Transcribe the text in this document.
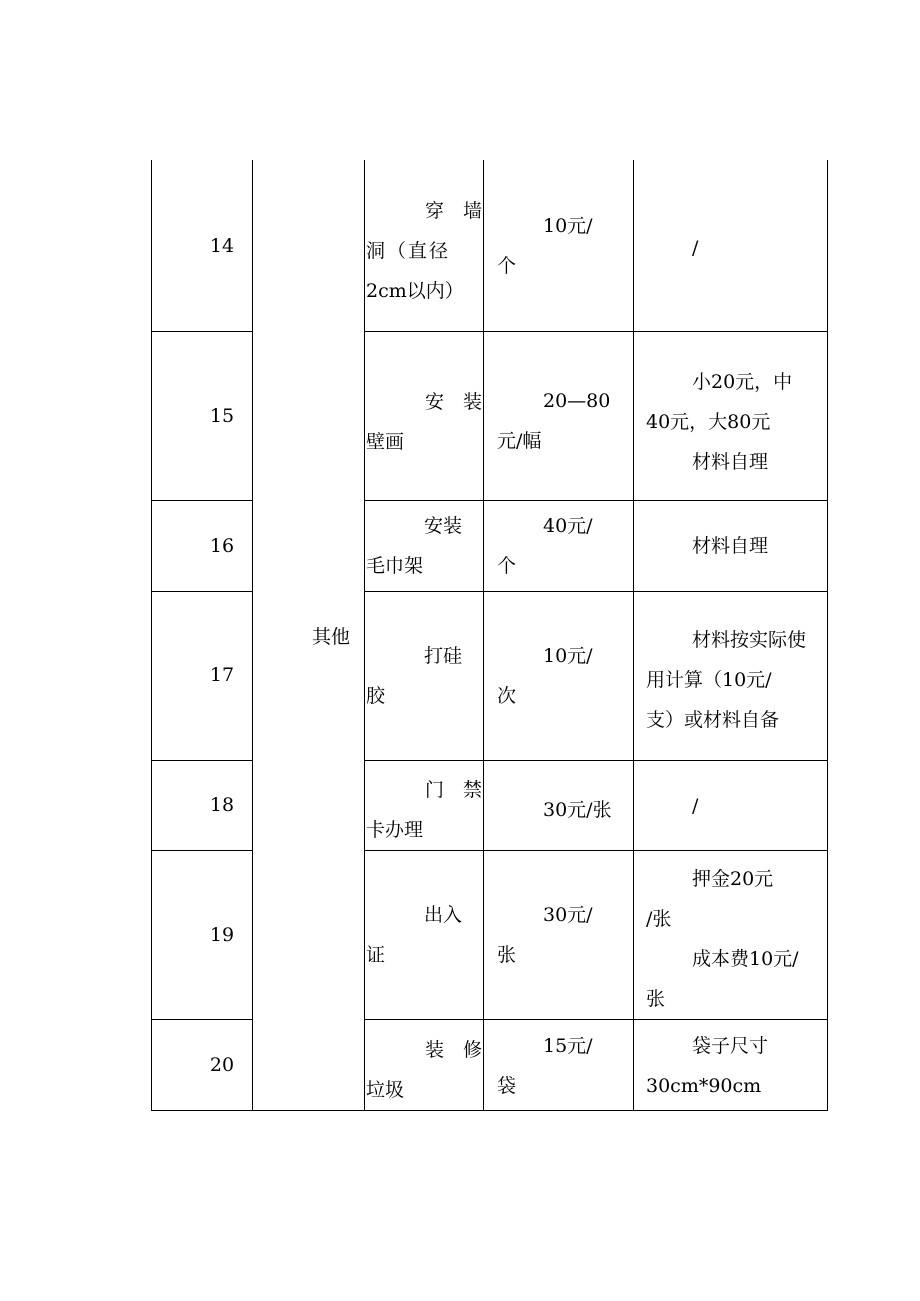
其他
14
穿　墙
洞（直径
2cm以内）
10元/
个
/
15
安　装
壁画
20—80
元/幅
小20元，中
40元，大80元
材料自理
16
安装
毛巾架
40元/
个
材料自理
17
打硅
胶
10元/
次
材料按实际使
用计算（10元/
支）或材料自备
18
门　禁
卡办理
30元/张	/
19
出入
证
30元/
张
押金20元
/张
成本费10元/
张
20
装　修
垃圾
15元/
袋
袋子尺寸
30cm*90cm
